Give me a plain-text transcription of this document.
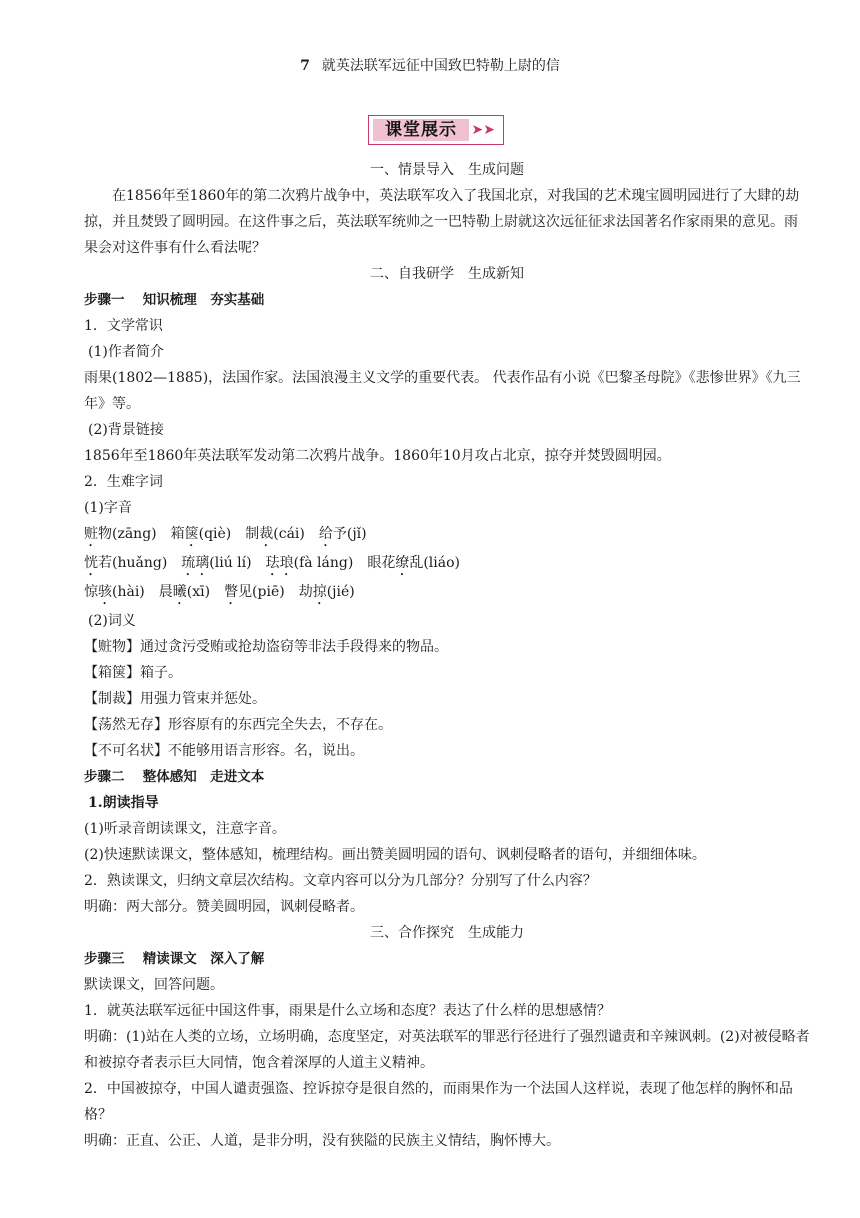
7 就英法联军远征中国致巴特勒上尉的信
课堂展示	➤➤

一、情景导入　生成问题

在1856年至1860年的第二次鸦片战争中，英法联军攻入了我国北京，对我国的艺术瑰宝圆明园进行了大肆的劫掠，并且焚毁了圆明园。在这件事之后，英法联军统帅之一巴特勒上尉就这次远征征求法国著名作家雨果的意见。雨果会对这件事有什么看法呢？

二、自我研学　生成新知

步骤一　 知识梳理　夯实基础

1．文学常识

(1)作者简介

雨果(1802—1885)，法国作家。法国浪漫主义文学的重要代表。 代表作品有小说《巴黎圣母院》《悲惨世界》《九三年》等。

(2)背景链接

1856年至1860年英法联军发动第二次鸦片战争。1860年10月攻占北京，掠夺并焚毁圆明园。

2．生难字词

(1)字音

赃物(zāng) 箱箧(qiè) 制裁(cái) 给予(jǐ)

恍若(huǎng) 琉璃(liú lí) 珐琅(fà láng) 眼花缭乱(liáo)

惊骇(hài) 晨曦(xī) 瞥见(piē) 劫掠(jié)

(2)词义

【赃物】通过贪污受贿或抢劫盗窃等非法手段得来的物品。

【箱箧】箱子。

【制裁】用强力管束并惩处。

【荡然无存】形容原有的东西完全失去，不存在。

【不可名状】不能够用语言形容。名，说出。

步骤二　 整体感知　走进文本

1.朗读指导

(1)听录音朗读课文，注意字音。

(2)快速默读课文，整体感知，梳理结构。画出赞美圆明园的语句、讽刺侵略者的语句，并细细体味。

2．熟读课文，归纳文章层次结构。文章内容可以分为几部分？分别写了什么内容？

明确：两大部分。赞美圆明园，讽刺侵略者。

三、合作探究　生成能力

步骤三　 精读课文　深入了解

默读课文，回答问题。

1．就英法联军远征中国这件事，雨果是什么立场和态度？表达了什么样的思想感情？

明确：(1)站在人类的立场，立场明确，态度坚定，对英法联军的罪恶行径进行了强烈谴责和辛辣讽刺。(2)对被侵略者和被掠夺者表示巨大同情，饱含着深厚的人道主义精神。

2．中国被掠夺，中国人谴责强盗、控诉掠夺是很自然的，而雨果作为一个法国人这样说，表现了他怎样的胸怀和品格？

明确：正直、公正、人道，是非分明，没有狭隘的民族主义情结，胸怀博大。
